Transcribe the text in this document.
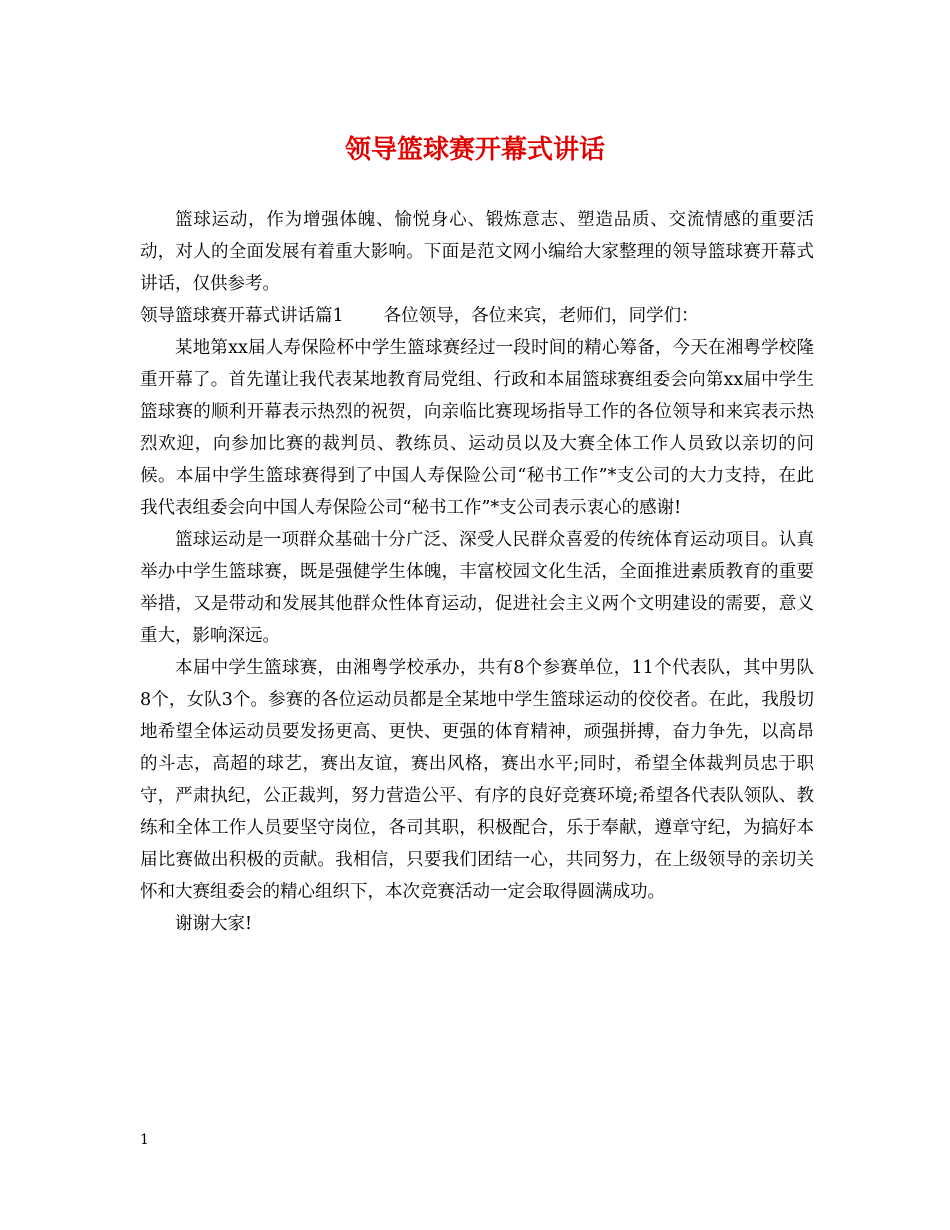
领导篮球赛开幕式讲话

篮球运动，作为增强体魄、愉悦身心、锻炼意志、塑造品质、交流情感的重要活动，对人的全面发展有着重大影响。下面是范文网小编给大家整理的领导篮球赛开幕式讲话，仅供参考。

领导篮球赛开幕式讲话篇1 各位领导，各位来宾，老师们，同学们：

某地第xx届人寿保险杯中学生篮球赛经过一段时间的精心筹备，今天在湘粤学校隆重开幕了。首先谨让我代表某地教育局党组、行政和本届篮球赛组委会向第xx届中学生篮球赛的顺利开幕表示热烈的祝贺，向亲临比赛现场指导工作的各位领导和来宾表示热烈欢迎，向参加比赛的裁判员、教练员、运动员以及大赛全体工作人员致以亲切的问候。本届中学生篮球赛得到了中国人寿保险公司“秘书工作”*支公司的大力支持，在此我代表组委会向中国人寿保险公司“秘书工作”*支公司表示衷心的感谢!

篮球运动是一项群众基础十分广泛、深受人民群众喜爱的传统体育运动项目。认真举办中学生篮球赛，既是强健学生体魄，丰富校园文化生活，全面推进素质教育的重要举措，又是带动和发展其他群众性体育运动，促进社会主义两个文明建设的需要，意义重大，影响深远。

本届中学生篮球赛，由湘粤学校承办，共有8个参赛单位，11个代表队，其中男队8个，女队3个。参赛的各位运动员都是全某地中学生篮球运动的佼佼者。在此，我殷切地希望全体运动员要发扬更高、更快、更强的体育精神，顽强拼搏，奋力争先，以高昂的斗志，高超的球艺，赛出友谊，赛出风格，赛出水平;同时，希望全体裁判员忠于职守，严肃执纪，公正裁判，努力营造公平、有序的良好竞赛环境;希望各代表队领队、教练和全体工作人员要坚守岗位，各司其职，积极配合，乐于奉献，遵章守纪，为搞好本届比赛做出积极的贡献。我相信，只要我们团结一心，共同努力，在上级领导的亲切关怀和大赛组委会的精心组织下，本次竞赛活动一定会取得圆满成功。

谢谢大家!

1
